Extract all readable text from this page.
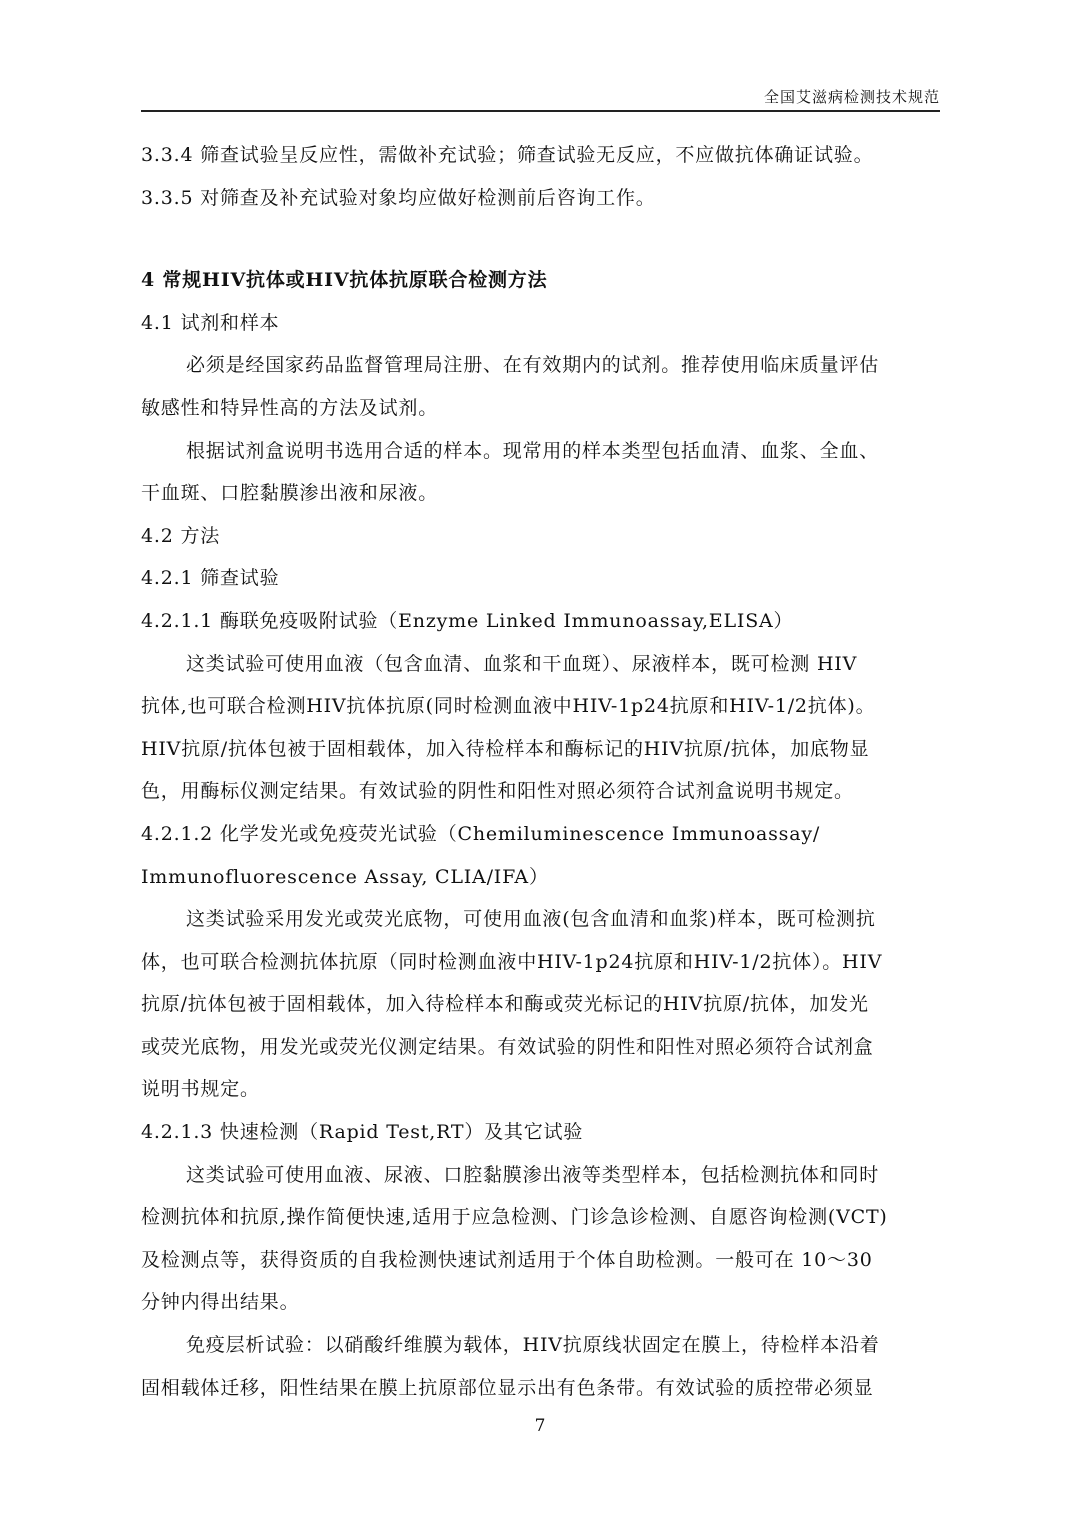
全国艾滋病检测技术规范
3.3.4 筛查试验呈反应性，需做补充试验；筛查试验无反应，不应做抗体确证试验。
3.3.5 对筛查及补充试验对象均应做好检测前后咨询工作。
4 常规HIV抗体或HIV抗体抗原联合检测方法
4.1 试剂和样本
必须是经国家药品监督管理局注册、在有效期内的试剂。推荐使用临床质量评估
敏感性和特异性高的方法及试剂。
根据试剂盒说明书选用合适的样本。现常用的样本类型包括血清、血浆、全血、
干血斑、口腔黏膜渗出液和尿液。
4.2 方法
4.2.1 筛查试验
4.2.1.1 酶联免疫吸附试验（Enzyme Linked Immunoassay,ELISA）
这类试验可使用血液（包含血清、血浆和干血斑）、尿液样本，既可检测 HIV
抗体,也可联合检测HIV抗体抗原(同时检测血液中HIV-1p24抗原和HIV-1/2抗体)。
HIV抗原/抗体包被于固相载体，加入待检样本和酶标记的HIV抗原/抗体，加底物显
色，用酶标仪测定结果。有效试验的阴性和阳性对照必须符合试剂盒说明书规定。
4.2.1.2 化学发光或免疫荧光试验（Chemiluminescence Immunoassay/
Immunofluorescence Assay, CLIA/IFA）
这类试验采用发光或荧光底物，可使用血液(包含血清和血浆)样本，既可检测抗
体，也可联合检测抗体抗原（同时检测血液中HIV-1p24抗原和HIV-1/2抗体）。HIV
抗原/抗体包被于固相载体，加入待检样本和酶或荧光标记的HIV抗原/抗体，加发光
或荧光底物，用发光或荧光仪测定结果。有效试验的阴性和阳性对照必须符合试剂盒
说明书规定。
4.2.1.3 快速检测（Rapid Test,RT）及其它试验
这类试验可使用血液、尿液、口腔黏膜渗出液等类型样本，包括检测抗体和同时
检测抗体和抗原,操作简便快速,适用于应急检测、门诊急诊检测、自愿咨询检测(VCT)
及检测点等，获得资质的自我检测快速试剂适用于个体自助检测。一般可在 10～30
分钟内得出结果。
免疫层析试验：以硝酸纤维膜为载体，HIV抗原线状固定在膜上，待检样本沿着
固相载体迁移，阳性结果在膜上抗原部位显示出有色条带。有效试验的质控带必须显
7
